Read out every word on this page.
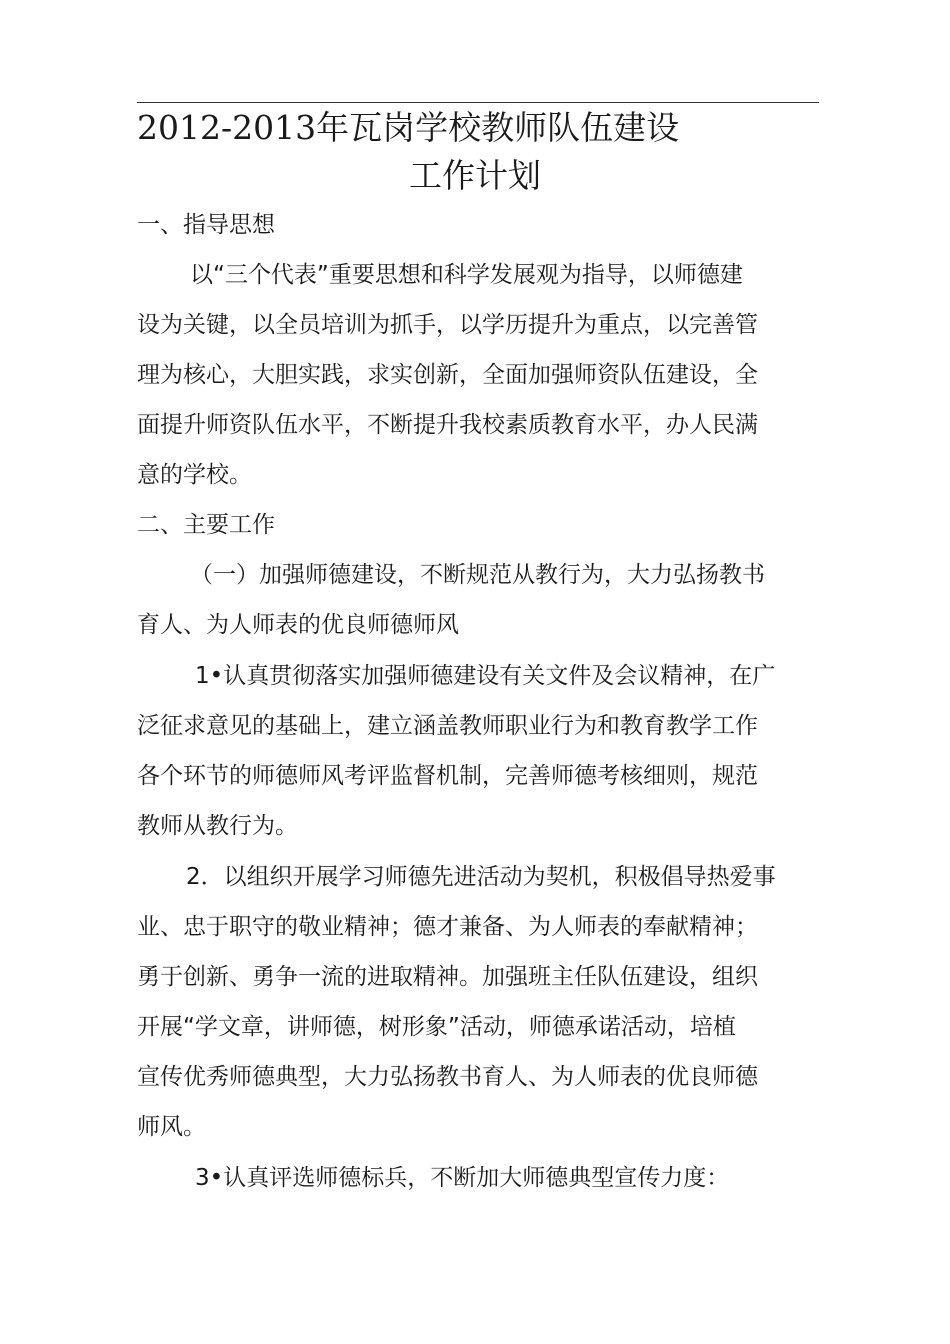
2012-2013年瓦岗学校教师队伍建设
工作计划
一、指导思想
以“三个代表”重要思想和科学发展观为指导，以师德建
设为关键，以全员培训为抓手，以学历提升为重点，以完善管
理为核心，大胆实践，求实创新，全面加强师资队伍建设，全
面提升师资队伍水平，不断提升我校素质教育水平，办人民满
意的学校。
二、主要工作
（一）加强师德建设，不断规范从教行为，大力弘扬教书
育人、为人师表的优良师德师风
1•认真贯彻落实加强师德建设有关文件及会议精神，在广
泛征求意见的基础上，建立涵盖教师职业行为和教育教学工作
各个环节的师德师风考评监督机制，完善师德考核细则，规范
教师从教行为。
2．以组织开展学习师德先进活动为契机，积极倡导热爱事
业、忠于职守的敬业精神；德才兼备、为人师表的奉献精神；
勇于创新、勇争一流的进取精神。加强班主任队伍建设，组织
开展“学文章，讲师德，树形象”活动，师德承诺活动，培植
宣传优秀师德典型，大力弘扬教书育人、为人师表的优良师德
师风。
3•认真评选师德标兵，不断加大师德典型宣传力度：
